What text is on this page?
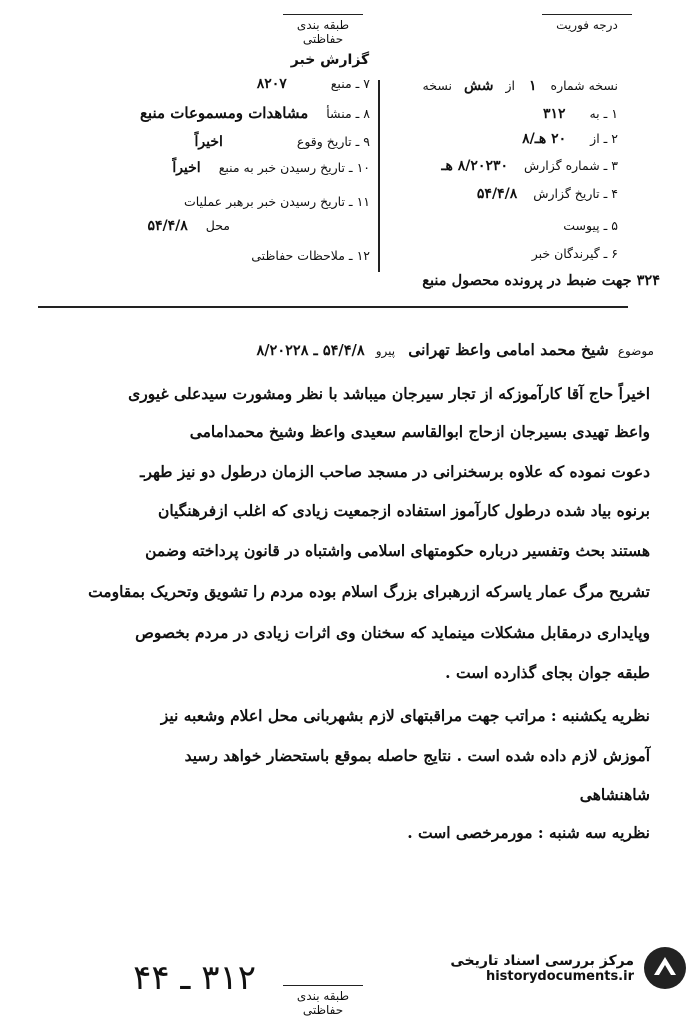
طبقه بندی حفاظتی
درجه فوریت
گزارش خبر
نسخه شماره ۱ از شش نسخه
۱ ـ به ۳۱۲
۲ ـ از ۲۰ هـ/۸
۳ ـ شماره گزارش ۸/۲۰۲۳۰ هـ
۴ ـ تاریخ گزارش ۵۴/۴/۸
۵ ـ پیوست
۶ ـ گیرندگان خبر
۷ ـ منبع ۸۲۰۷
۸ ـ منشأ مشاهدات ومسموعات منبع
۹ ـ تاریخ وقوع اخیراً
۱۰ ـ تاریخ رسیدن خبر به منبع اخیراً
۱۱ ـ تاریخ رسیدن خبر برهبر عملیات
محل ۵۴/۴/۸
۱۲ ـ ملاحظات حفاظتی
۳۲۴ جهت ضبط در پرونده محصول منبع
موضوع شیخ محمد امامی واعظ تهرانی پیرو ۵۴/۴/۸ ـ ۸/۲۰۲۲۸
اخیراً حاج آقا کارآموزکه از تجار سیرجان میباشد با نظر ومشورت سیدعلی غیوری
واعظ تهیدی بسیرجان ازحاج ابوالقاسم سعیدی واعظ وشیخ محمدامامی
دعوت نموده که علاوه برسخنرانی در مسجد صاحب الزمان درطول دو نیز طهرـ
برنوه بیاد شده درطول کارآموز استفاده ازجمعیت زیادی که اغلب ازفرهنگیان
هستند بحث وتفسیر درباره حکومتهای اسلامی واشتباه در قانون پرداخته وضمن
تشریح مرگ عمار یاسرکه ازرهبرای بزرگ اسلام بوده مردم را تشویق وتحریک بمقاومت
وپایداری درمقابل مشکلات مینماید که سخنان وی اثرات زیادی در مردم بخصوص
طبقه جوان بجای گذارده است .
نظریه یکشنبه : مراتب جهت مراقبتهای لازم بشهربانی محل اعلام وشعبه نیز
آموزش لازم داده شده است . نتایج حاصله بموقع باستحضار خواهد رسید
شاهنشاهی
نظریه سه شنبه : مورمرخصی است .
۳۱۲ ـ ۴۴	طبقه بندی حفاظتی
مرکز بررسی اسناد تاریخی
historydocuments.ir
